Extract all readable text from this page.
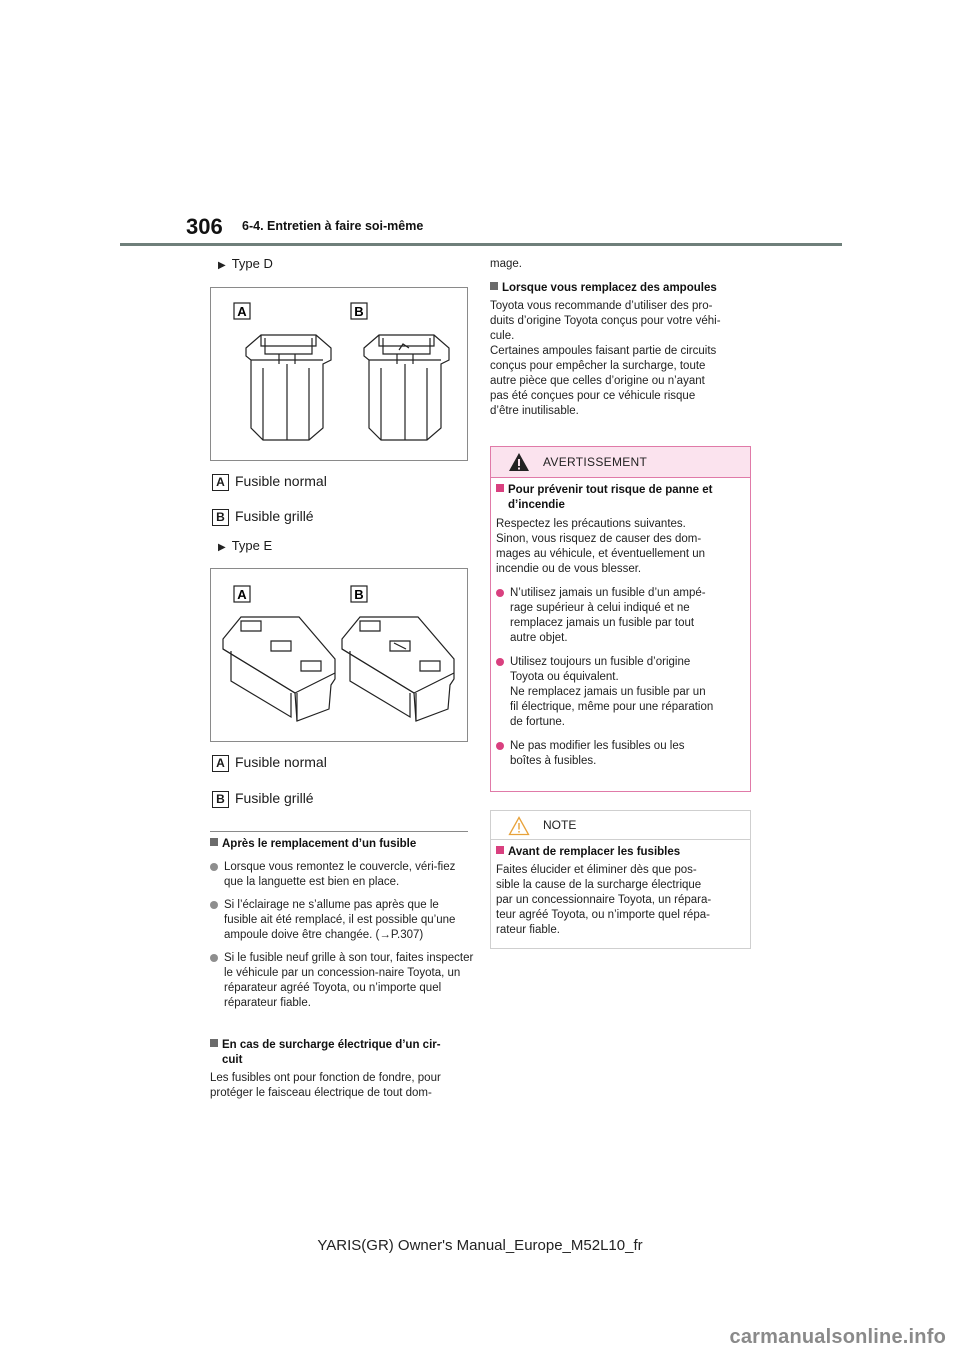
306 6-4. Entretien à faire soi-même
▶ Type D
A	B
A Fusible normal
B Fusible grillé
▶ Type E
A	B
A Fusible normal
B Fusible grillé
Après le remplacement d’un fusible
Lorsque vous remontez le couvercle, véri-fiez que la languette est bien en place.
Si l’éclairage ne s’allume pas après que le fusible ait été remplacé, il est possible qu’une ampoule doive être changée. (→P.307)
Si le fusible neuf grille à son tour, faites inspecter le véhicule par un concession-naire Toyota, un réparateur agréé Toyota, ou n’importe quel réparateur fiable.
En cas de surcharge électrique d’un cir-
cuit
Les fusibles ont pour fonction de fondre, pour
protéger le faisceau électrique de tout dom-
mage.
Lorsque vous remplacez des ampoules
Toyota vous recommande d’utiliser des pro-
duits d’origine Toyota conçus pour votre véhi-
cule.
Certaines ampoules faisant partie de circuits
conçus pour empêcher la surcharge, toute
autre pièce que celles d’origine ou n’ayant
pas été conçues pour ce véhicule risque
d’être inutilisable.
AVERTISSEMENT
Pour prévenir tout risque de panne et
d’incendie
Respectez les précautions suivantes.
Sinon, vous risquez de causer des dom-
mages au véhicule, et éventuellement un
incendie ou de vous blesser.
N’utilisez jamais un fusible d’un ampé-
rage supérieur à celui indiqué et ne
remplacez jamais un fusible par tout
autre objet.
Utilisez toujours un fusible d’origine
Toyota ou équivalent.
Ne remplacez jamais un fusible par un
fil électrique, même pour une réparation
de fortune.
Ne pas modifier les fusibles ou les
boîtes à fusibles.
NOTE
Avant de remplacer les fusibles
Faites élucider et éliminer dès que pos-
sible la cause de la surcharge électrique
par un concessionnaire Toyota, un répara-
teur agréé Toyota, ou n’importe quel répa-
rateur fiable.
YARIS(GR) Owner's Manual_Europe_M52L10_fr
carmanualsonline.info
